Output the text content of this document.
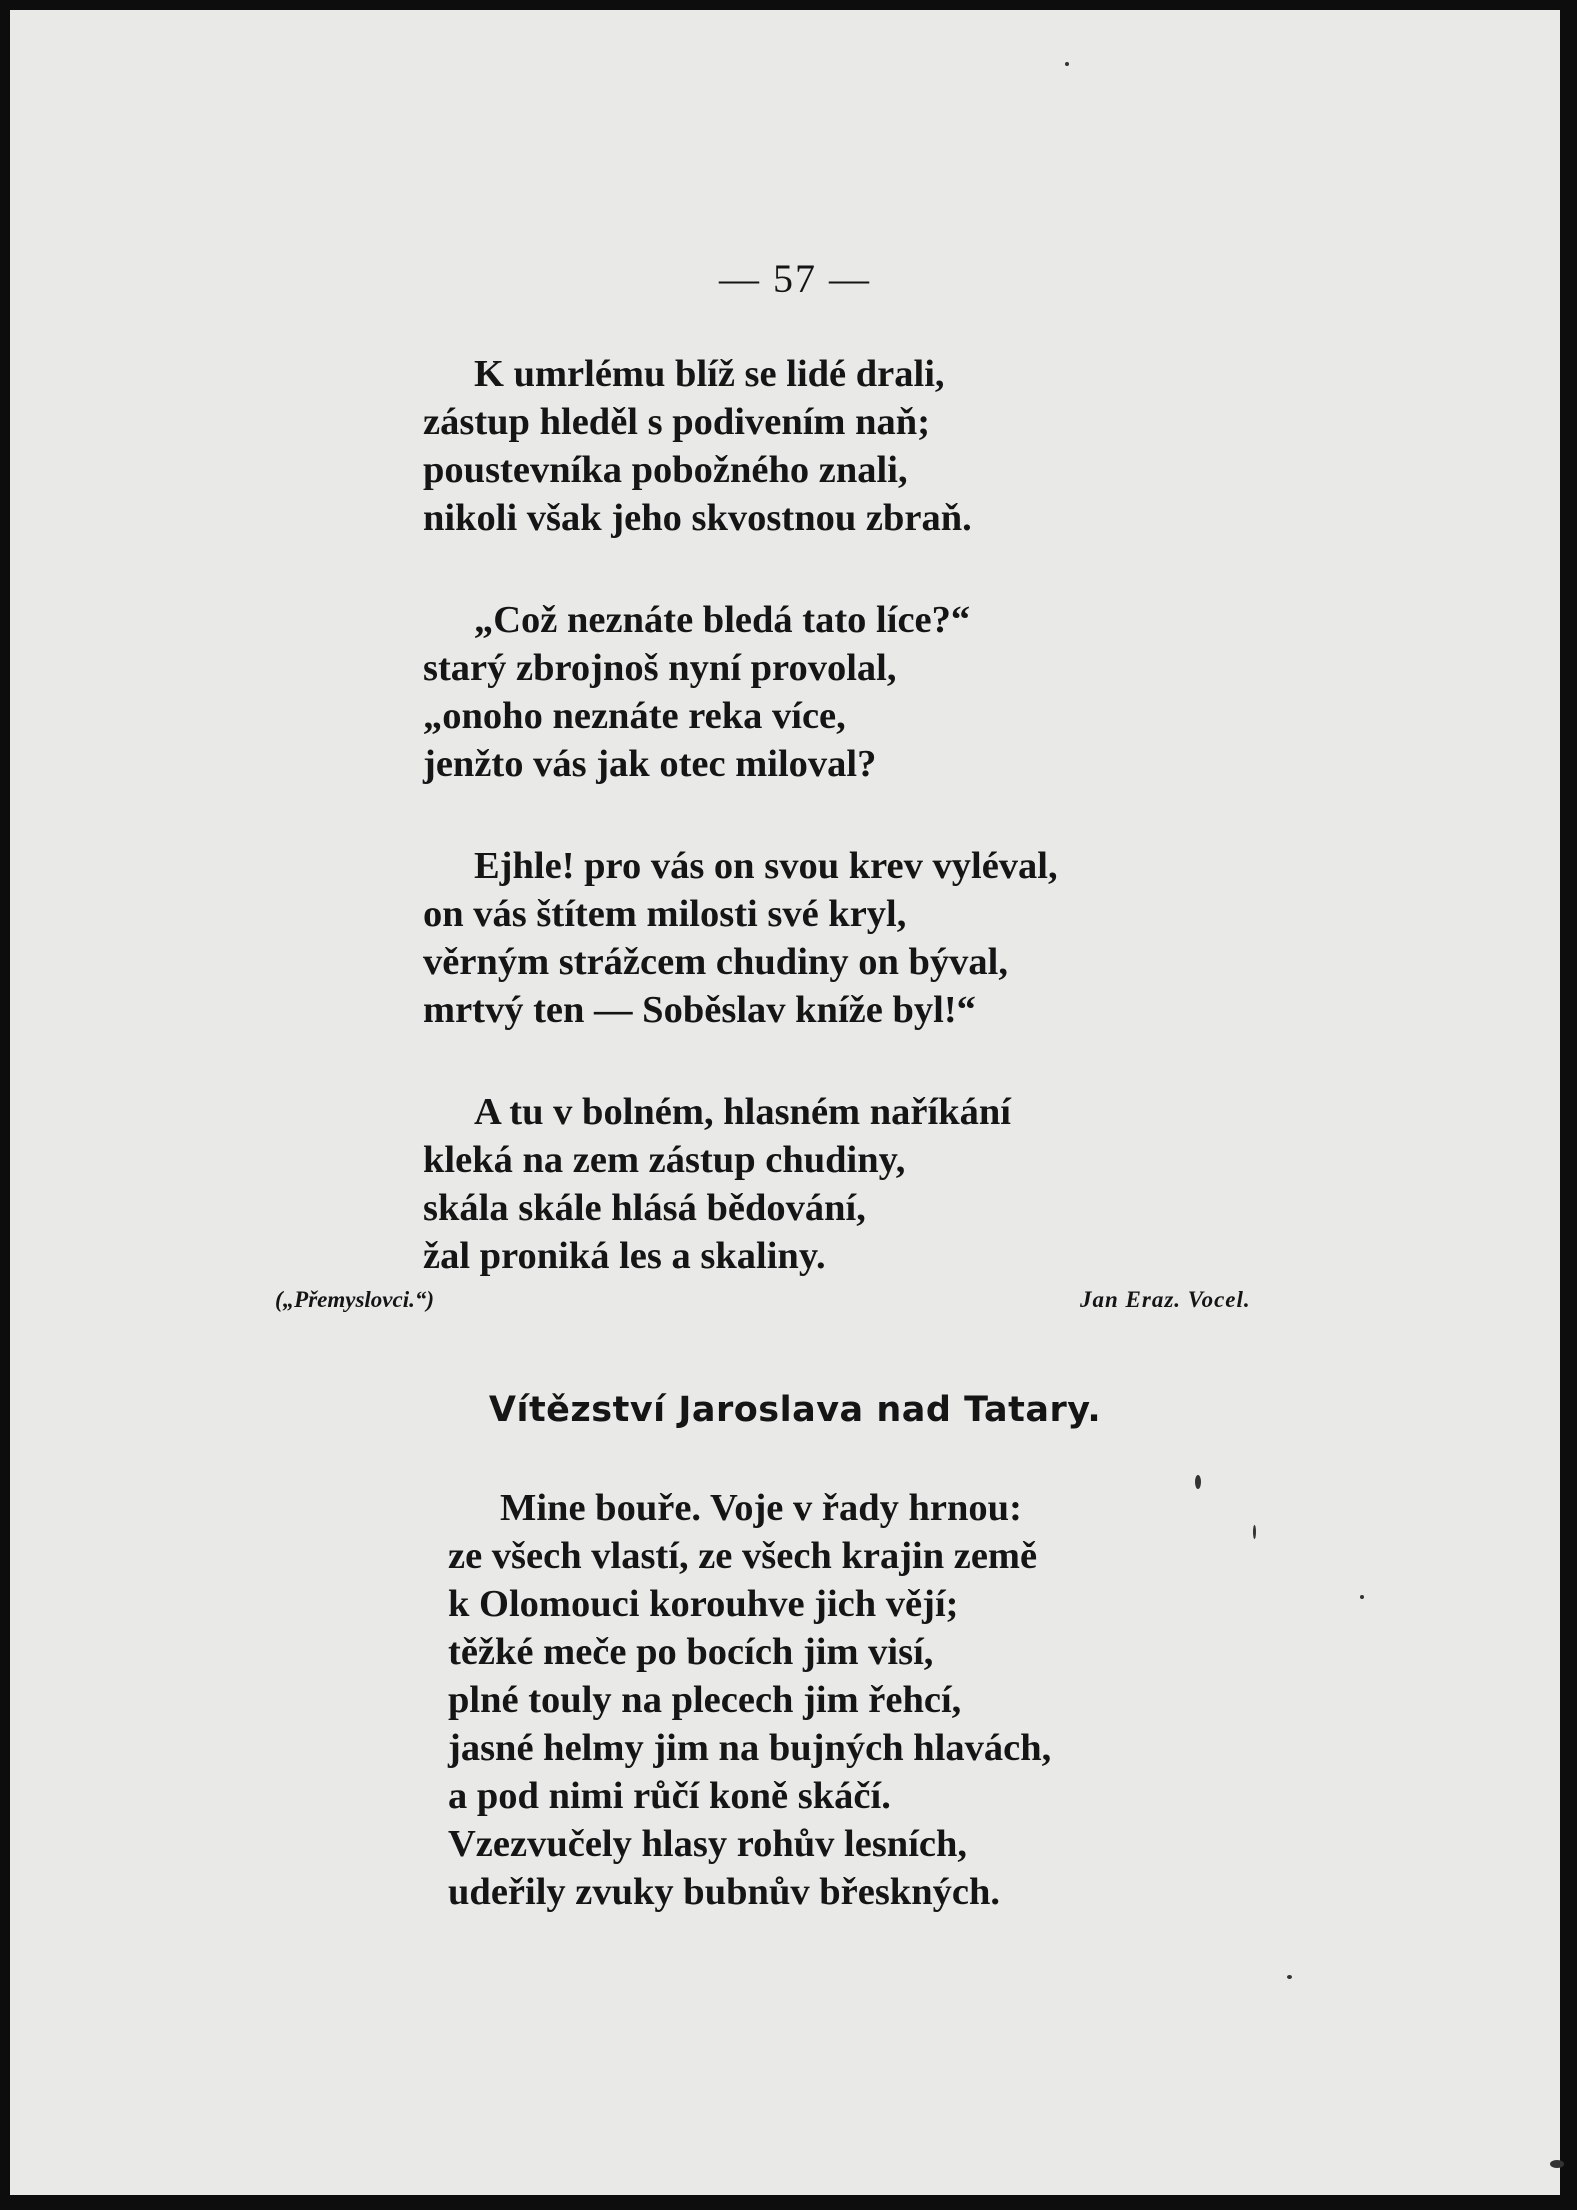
— 57 —

K umrlému blíž se lidé drali,
zástup hleděl s podivením naň;
poustevníka pobožného znali,
nikoli však jeho skvostnou zbraň.

„Což neznáte bledá tato líce?“
starý zbrojnoš nyní provolal,
„onoho neznáte reka více,
jenžto vás jak otec miloval?

Ejhle! pro vás on svou krev vyléval,
on vás štítem milosti své kryl,
věrným strážcem chudiny on býval,
mrtvý ten — Soběslav kníže byl!“

A tu v bolném, hlasném naříkání
kleká na zem zástup chudiny,
skála skále hlásá bědování,
žal proniká les a skaliny.

(„Přemyslovci.“)	Jan Eraz. Vocel.
Vítězství Jaroslava nad Tatary.

Mine bouře. Voje v řady hrnou:
ze všech vlastí, ze všech krajin země
k Olomouci korouhve jich vějí;
těžké meče po bocích jim visí,
plné touly na plecech jim řehcí,
jasné helmy jim na bujných hlavách,
a pod nimi růčí koně skáčí.
Vzezvučely hlasy rohův lesních,
udeřily zvuky bubnův břeskných.
